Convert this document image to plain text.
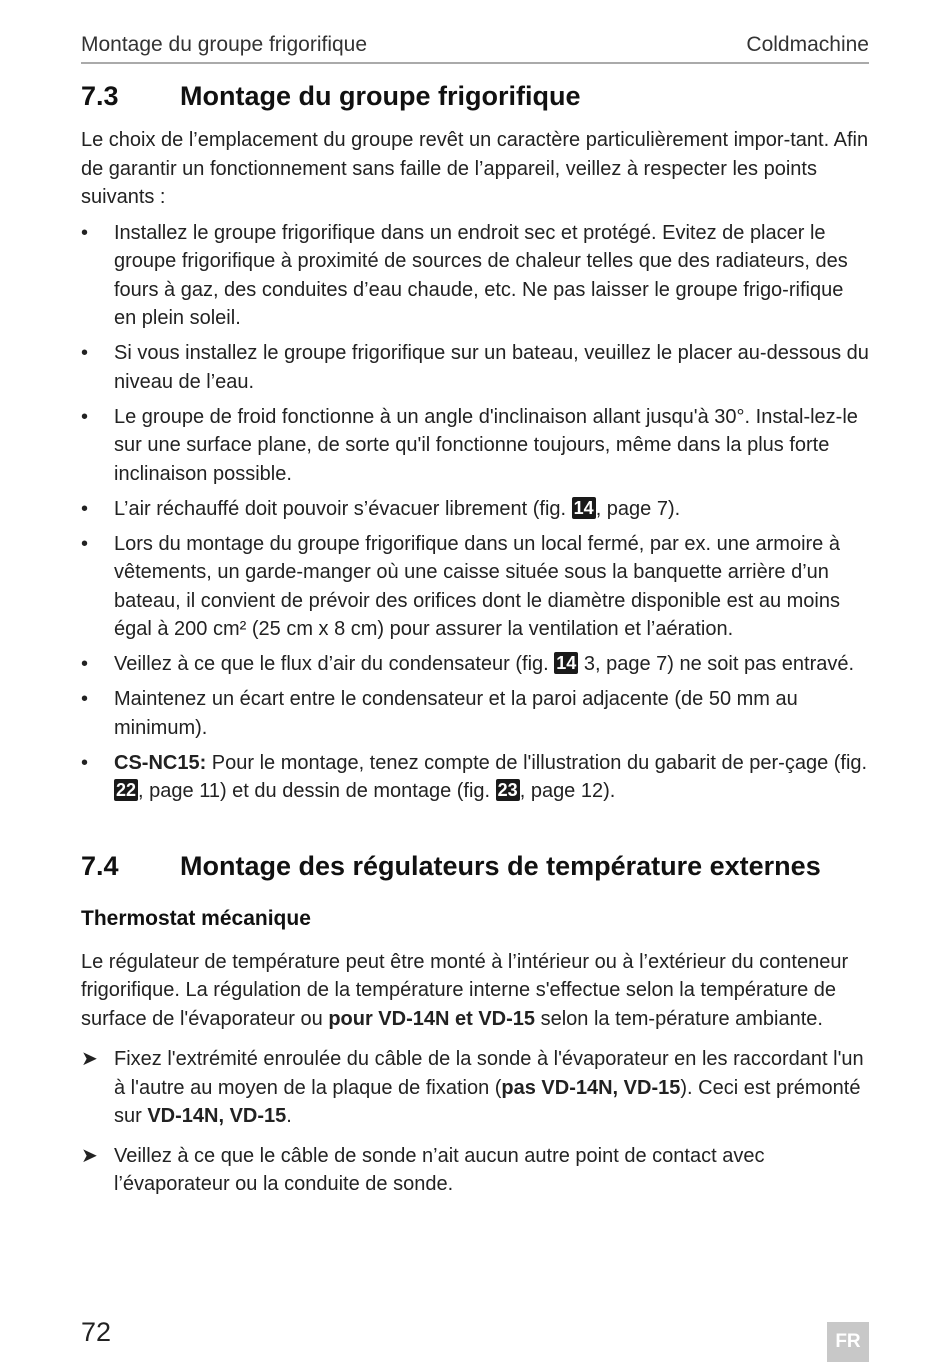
Montage du groupe frigorifique	Coldmachine
7.3	Montage du groupe frigorifique

Le choix de l’emplacement du groupe revêt un caractère particulièrement impor-tant. Afin de garantir un fonctionnement sans faille de l’appareil, veillez à respecter les points suivants :

•	Installez le groupe frigorifique dans un endroit sec et protégé. Evitez de placer le groupe frigorifique à proximité de sources de chaleur telles que des radiateurs, des fours à gaz, des conduites d’eau chaude, etc. Ne pas laisser le groupe frigo-rifique en plein soleil.
•	Si vous installez le groupe frigorifique sur un bateau, veuillez le placer au-dessous du niveau de l’eau.
•	Le groupe de froid fonctionne à un angle d'inclinaison allant jusqu'à 30°. Instal-lez-le sur une surface plane, de sorte qu'il fonctionne toujours, même dans la plus forte inclinaison possible.
•	L’air réchauffé doit pouvoir s’évacuer librement (fig. 14 , page 7).
•	Lors du montage du groupe frigorifique dans un local fermé, par ex. une armoire à vêtements, un garde-manger où une caisse située sous la banquette arrière d’un bateau, il convient de prévoir des orifices dont le diamètre disponible est au moins égal à 200 cm² (25 cm x 8 cm) pour assurer la ventilation et l’aération.
•	Veillez à ce que le flux d’air du condensateur (fig. 14 3, page 7) ne soit pas entravé.
•	Maintenez un écart entre le condensateur et la paroi adjacente (de 50 mm au minimum).
•	CS-NC15: Pour le montage, tenez compte de l'illustration du gabarit de per-çage (fig. 22 , page 11) et du dessin de montage (fig. 23 , page 12).
7.4	Montage des régulateurs de température externes
Thermostat mécanique

Le régulateur de température peut être monté à l’intérieur ou à l’extérieur du conteneur frigorifique. La régulation de la température interne s'effectue selon la température de surface de l'évaporateur ou pour VD-14N et VD-15 selon la tem-pérature ambiante.

➤ Fixez l'extrémité enroulée du câble de la sonde à l'évaporateur en les raccordant l'un à l'autre au moyen de la plaque de fixation (pas VD-14N, VD-15). Ceci est prémonté sur VD-14N, VD-15.
➤ Veillez à ce que le câble de sonde n’ait aucun autre point de contact avec l’évaporateur ou la conduite de sonde.
72	FR
